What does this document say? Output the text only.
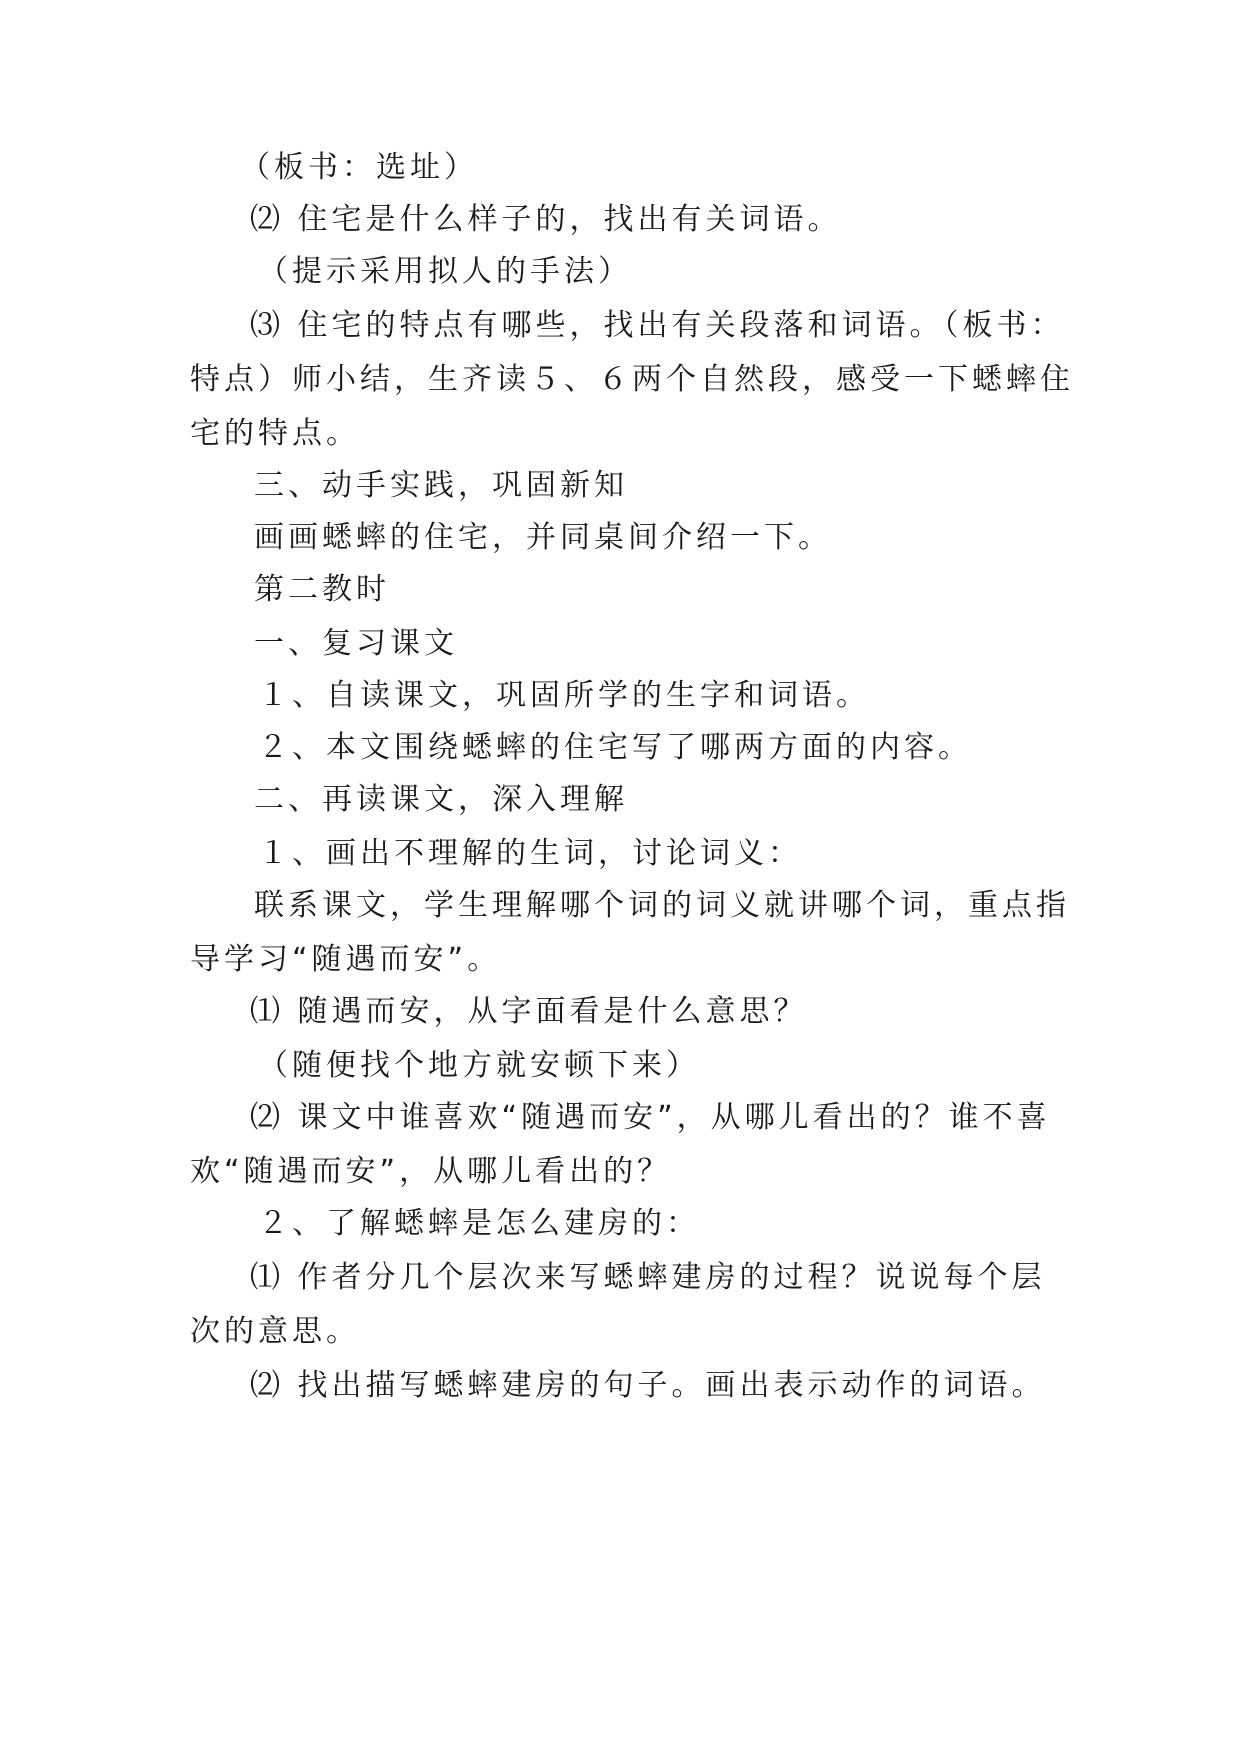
（板书：选址）
⑵ 住宅是什么样子的，找出有关词语。
（提示采用拟人的手法）
⑶ 住宅的特点有哪些，找出有关段落和词语。（板书：
特点）师小结，生齐读５、６两个自然段，感受一下蟋蟀住
宅的特点。
三、动手实践，巩固新知
画画蟋蟀的住宅，并同桌间介绍一下。
第二教时
一、复习课文
１、自读课文，巩固所学的生字和词语。
２、本文围绕蟋蟀的住宅写了哪两方面的内容。
二、再读课文，深入理解
１、画出不理解的生词，讨论词义：
联系课文，学生理解哪个词的词义就讲哪个词，重点指
导学习“随遇而安”。
⑴ 随遇而安，从字面看是什么意思？
（随便找个地方就安顿下来）
⑵ 课文中谁喜欢“随遇而安”，从哪儿看出的？谁不喜
欢“随遇而安”，从哪儿看出的？
２、了解蟋蟀是怎么建房的：
⑴ 作者分几个层次来写蟋蟀建房的过程？说说每个层
次的意思。
⑵ 找出描写蟋蟀建房的句子。画出表示动作的词语。
